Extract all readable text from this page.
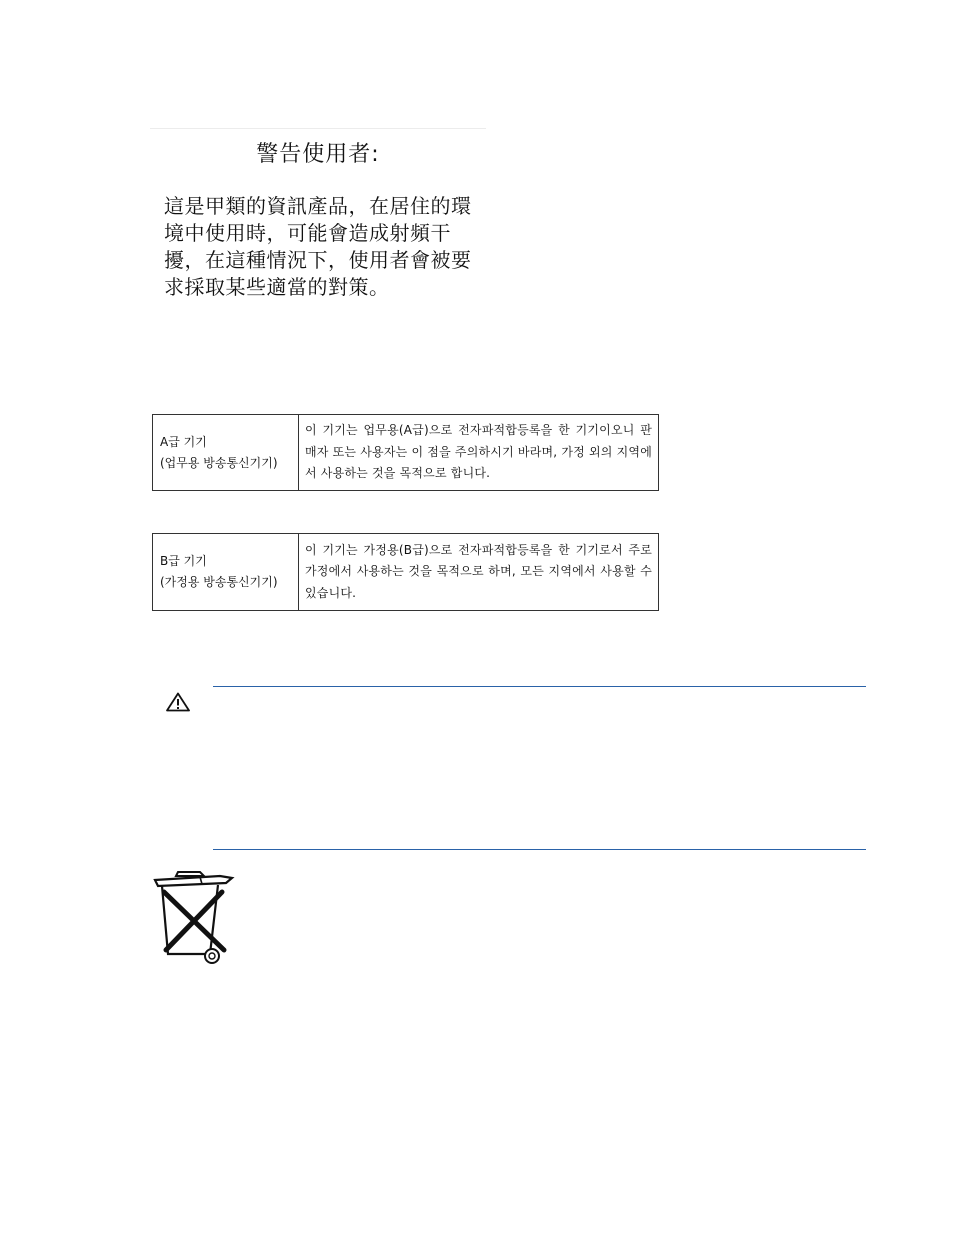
警告使用者:
這是甲類的資訊產品，在居住的環境中使用時，可能會造成射頻干擾，在這種情況下，使用者會被要求採取某些適當的對策。
A급 기기
(업무용 방송통신기기)
	이 기기는 업무용(A급)으로 전자파적합등록을 한 기기이오니 판매자 또는 사용자는 이 점을 주의하시기 바라며, 가정 외의 지역에서 사용하는 것을 목적으로 합니다.
B급 기기
(가정용 방송통신기기)
	이 기기는 가정용(B급)으로 전자파적합등록을 한 기기로서 주로 가정에서 사용하는 것을 목적으로 하며, 모든 지역에서 사용할 수 있습니다.
